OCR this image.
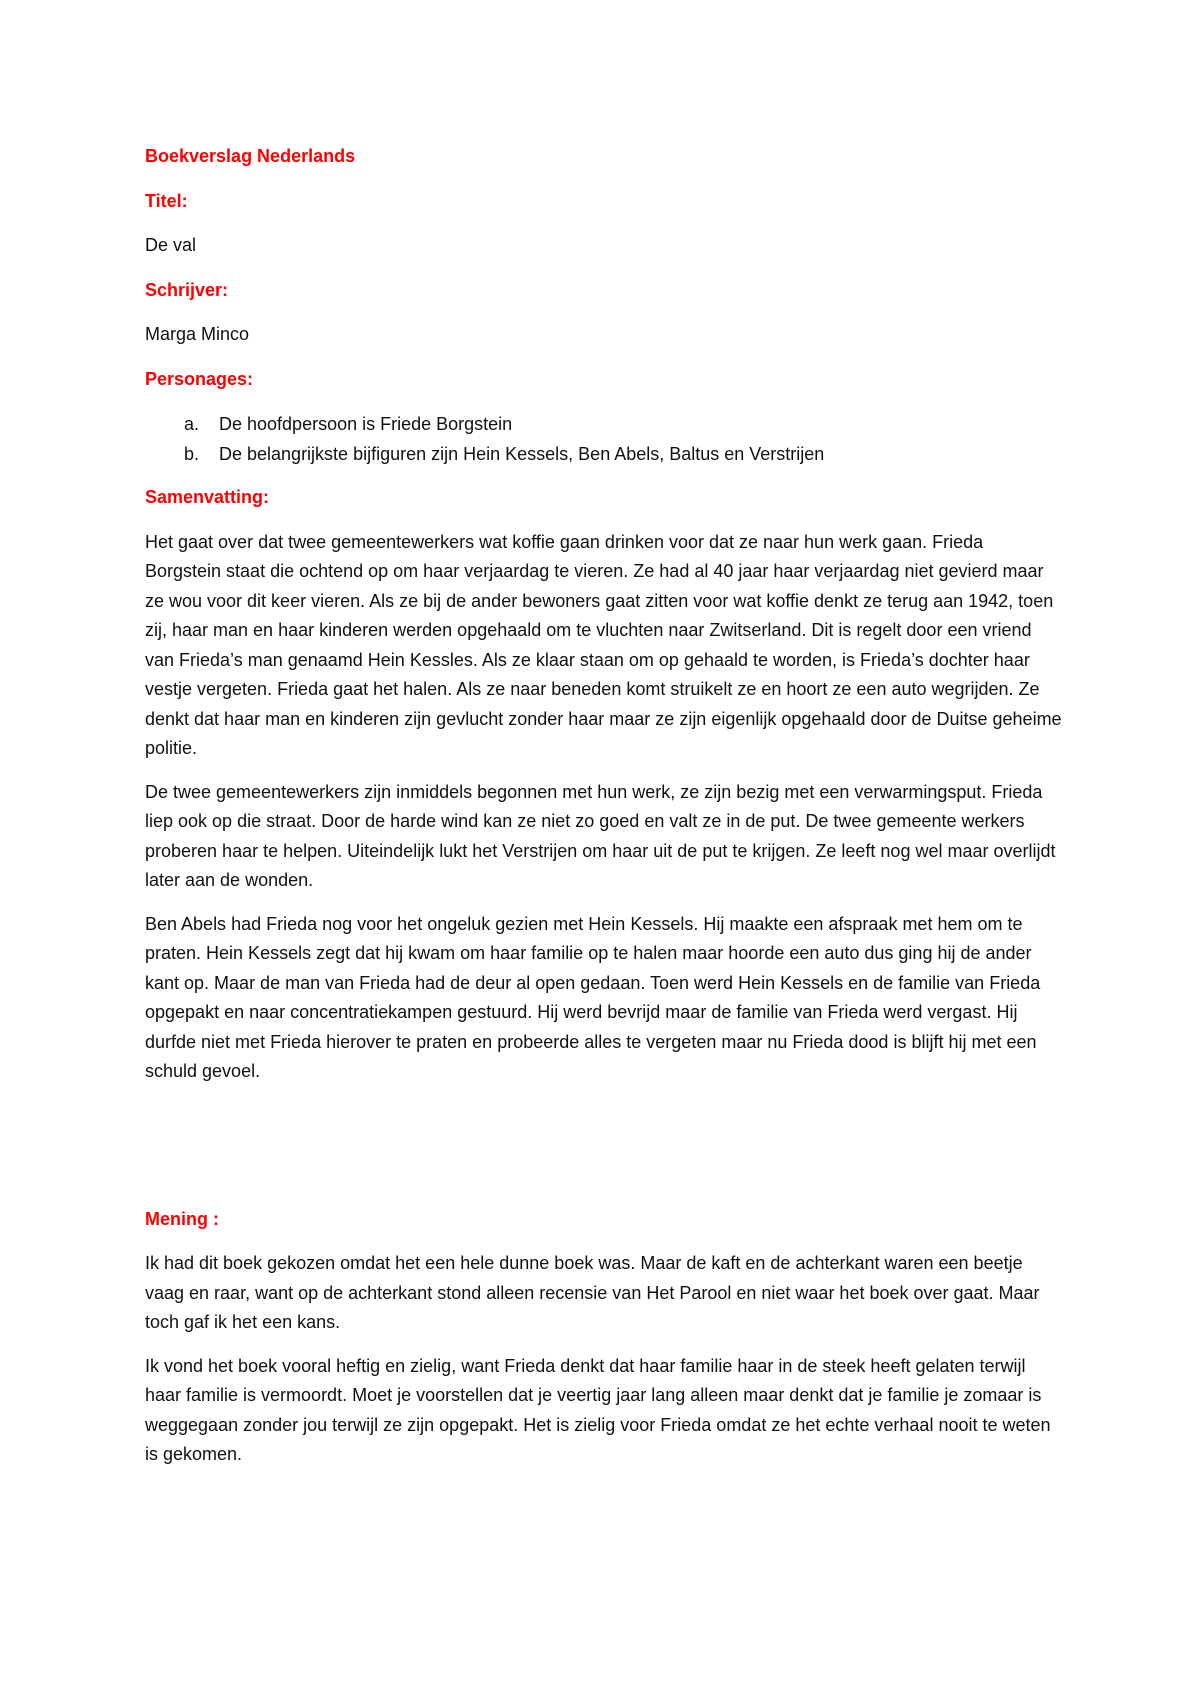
Boekverslag Nederlands
Titel:
De val
Schrijver:
Marga Minco
Personages:
a. De hoofdpersoon is Friede Borgstein
b. De belangrijkste bijfiguren zijn Hein Kessels, Ben Abels, Baltus en Verstrijen
Samenvatting:

Het gaat over dat twee gemeentewerkers wat koffie gaan drinken voor dat ze naar hun werk gaan. Frieda Borgstein staat die ochtend op om haar verjaardag te vieren. Ze had al 40 jaar haar verjaardag niet gevierd maar ze wou voor dit keer vieren. Als ze bij de ander bewoners gaat zitten voor wat koffie denkt ze terug aan 1942, toen zij, haar man en haar kinderen werden opgehaald om te vluchten naar Zwitserland. Dit is regelt door een vriend van Frieda’s man genaamd Hein Kessles. Als ze klaar staan om op gehaald te worden, is Frieda’s dochter haar vestje vergeten. Frieda gaat het halen. Als ze naar beneden komt struikelt ze en hoort ze een auto wegrijden. Ze denkt dat haar man en kinderen zijn gevlucht zonder haar maar ze zijn eigenlijk opgehaald door de Duitse geheime politie.

De twee gemeentewerkers zijn inmiddels begonnen met hun werk, ze zijn bezig met een verwarmingsput. Frieda liep ook op die straat. Door de harde wind kan ze niet zo goed en valt ze in de put. De twee gemeente werkers proberen haar te helpen. Uiteindelijk lukt het Verstrijen om haar uit de put te krijgen. Ze leeft nog wel maar overlijdt later aan de wonden.

Ben Abels had Frieda nog voor het ongeluk gezien met Hein Kessels. Hij maakte een afspraak met hem om te praten. Hein Kessels zegt dat hij kwam om haar familie op te halen maar hoorde een auto dus ging hij de ander kant op. Maar de man van Frieda had de deur al open gedaan. Toen werd Hein Kessels en de familie van Frieda opgepakt en naar concentratiekampen gestuurd. Hij werd bevrijd maar de familie van Frieda werd vergast. Hij durfde niet met Frieda hierover te praten en probeerde alles te vergeten maar nu Frieda dood is blijft hij met een schuld gevoel.

Mening :

Ik had dit boek gekozen omdat het een hele dunne boek was. Maar de kaft en de achterkant waren een beetje vaag en raar, want op de achterkant stond alleen recensie van Het Parool en niet waar het boek over gaat. Maar toch gaf ik het een kans.

Ik vond het boek vooral heftig en zielig, want Frieda denkt dat haar familie haar in de steek heeft gelaten terwijl haar familie is vermoordt. Moet je voorstellen dat je veertig jaar lang alleen maar denkt dat je familie je zomaar is weggegaan zonder jou terwijl ze zijn opgepakt. Het is zielig voor Frieda omdat ze het echte verhaal nooit te weten is gekomen.
